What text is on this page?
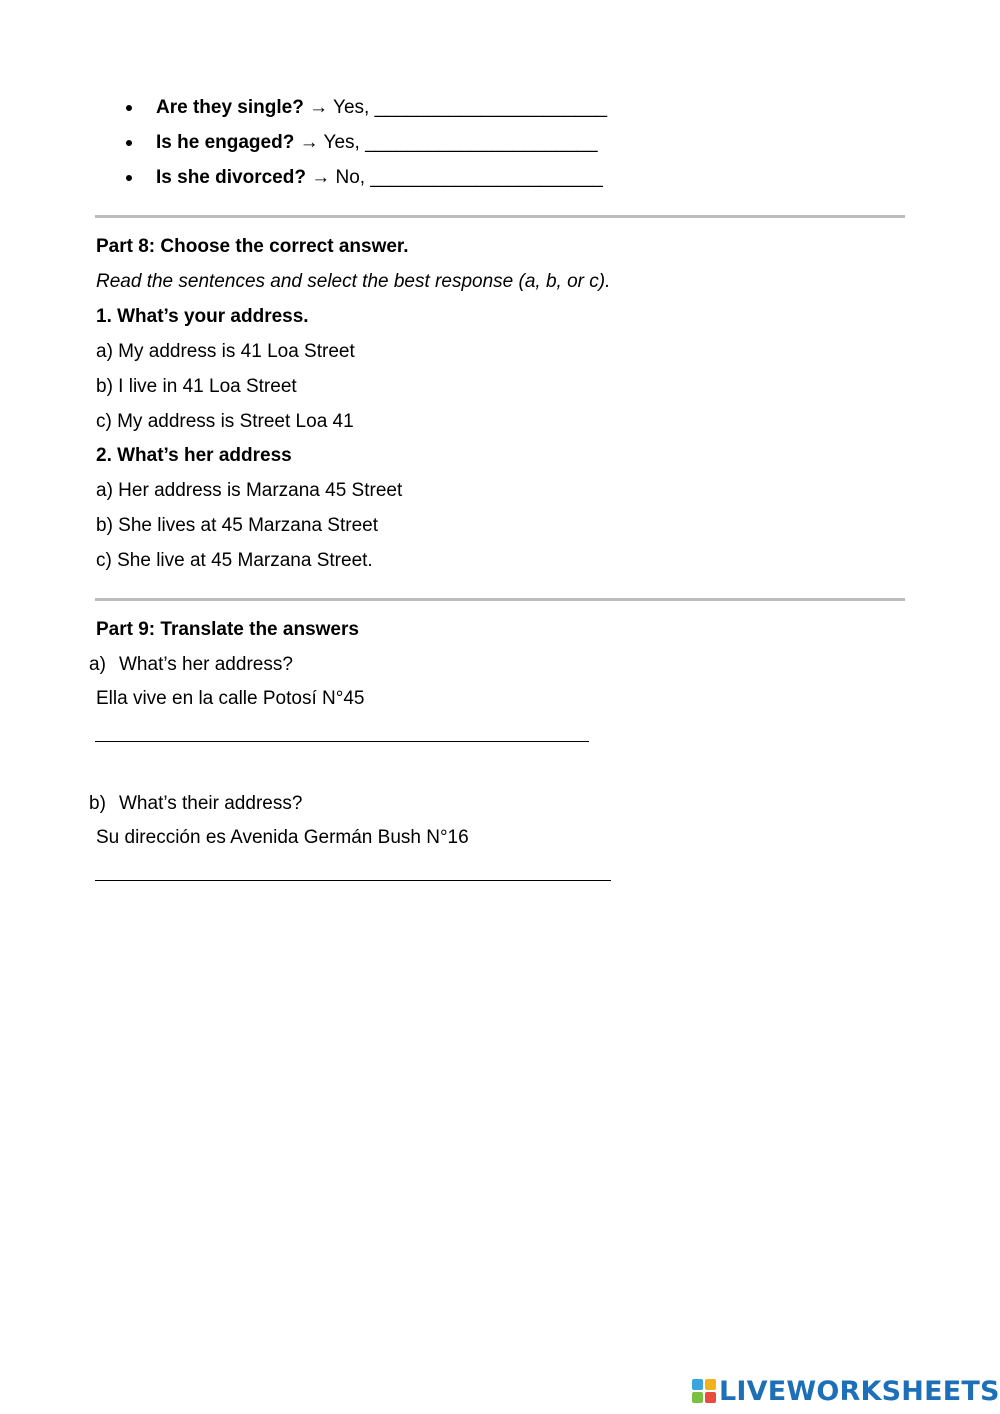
Are they single? → Yes, ______________________
Is he engaged? → Yes, ______________________
Is she divorced? → No, ______________________
Part 8: Choose the correct answer.
Read the sentences and select the best response (a, b, or c).
1. What’s your address.
a) My address is 41 Loa Street
b) I live in 41 Loa Street
c) My address is Street Loa 41
2. What’s her address
a) Her address is Marzana 45 Street
b) She lives at 45 Marzana Street
c) She live at 45 Marzana Street.
Part 9: Translate the answers
a) What’s her address?
Ella vive en la calle Potosí N°45
b) What’s their address?
Su dirección es Avenida Germán Bush N°16
LIVEWORKSHEETS
